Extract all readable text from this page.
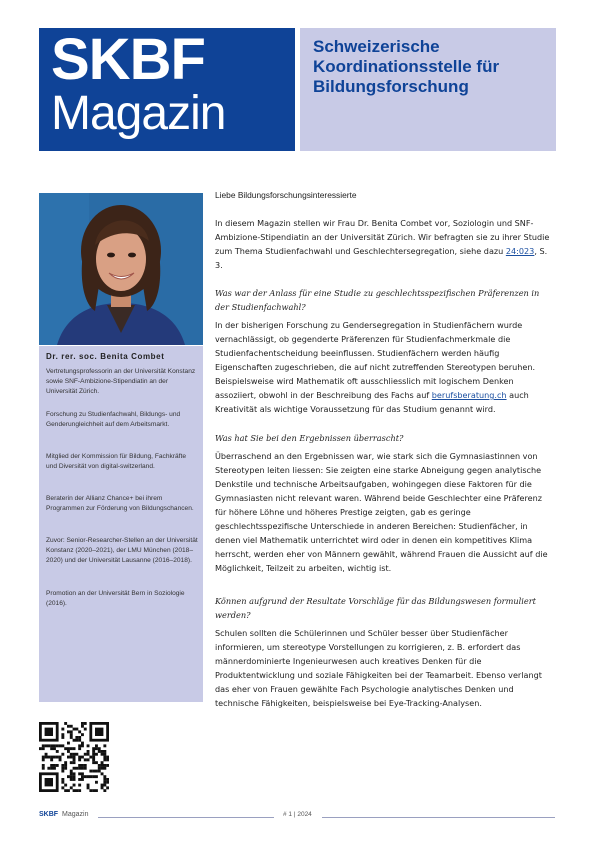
SKBF
Magazin
Schweizerische Koordinationsstelle für Bildungsforschung
Dr. rer. soc. Benita Combet

Vertretungsprofessorin an der Universität Konstanz sowie SNF-Ambizione-Stipendiatin an der Universität Zürich.

Forschung zu Studienfachwahl, Bildungs- und Genderungleichheit auf dem Arbeitsmarkt.

Mitglied der Kommission für Bildung, Fachkräfte und Diversität von digital-switzerland.

Beraterin der Allianz Chance+ bei ihrem Programmen zur Förderung von Bildungschancen.

Zuvor: Senior-Researcher-Stellen an der Universität Konstanz (2020–2021), der LMU München (2018–2020) und der Universität Lausanne (2016–2018).

Promotion an der Universität Bern in Soziologie (2016).

Liebe Bildungsforschungsinteressierte

In diesem Magazin stellen wir Frau Dr. Benita Combet vor, Soziologin und SNF-Ambizione-Stipendiatin an der Universität Zürich. Wir befragten sie zu ihrer Studie zum Thema Studienfachwahl und Geschlechtersegregation, siehe dazu 24:023, S. 3.

Was war der Anlass für eine Studie zu geschlechtsspezifischen Präferenzen in der Studienfachwahl?

In der bisherigen Forschung zu Gendersegregation in Studienfächern wurde vernachlässigt, ob gegenderte Präferenzen für Studienfachmerkmale die Studienfachentscheidung beeinflussen. Studienfächern werden häufig Eigenschaften zugeschrieben, die auf nicht zutreffenden Stereotypen beruhen. Beispielsweise wird Mathematik oft ausschliesslich mit logischem Denken assoziiert, obwohl in der Beschreibung des Fachs auf berufsberatung.ch auch Kreativität als wichtige Voraussetzung für das Studium genannt wird.

Was hat Sie bei den Ergebnissen überrascht?

Überraschend an den Ergebnissen war, wie stark sich die Gymnasiastinnen von Stereotypen leiten liessen: Sie zeigten eine starke Abneigung gegen analytische Denkstile und technische Arbeitsaufgaben, wohingegen diese Faktoren für die Gymnasiasten nicht relevant waren. Während beide Geschlechter eine Präferenz für höhere Löhne und höheres Prestige zeigten, gab es geringe geschlechtsspezifische Unterschiede in anderen Bereichen: Studienfächer, in denen viel Mathematik unterrichtet wird oder in denen ein kompetitives Klima herrscht, werden eher von Männern gewählt, während Frauen die Aussicht auf die Möglichkeit, Teilzeit zu arbeiten, wichtig ist.

Können aufgrund der Resultate Vorschläge für das Bildungswesen formuliert werden?

Schulen sollten die Schülerinnen und Schüler besser über Studienfächer informieren, um stereotype Vorstellungen zu korrigieren, z. B. erfordert das männerdominierte Ingenieurwesen auch kreatives Denken für die Produktentwicklung und soziale Fähigkeiten bei der Teamarbeit. Ebenso verlangt das eher von Frauen gewählte Fach Psychologie analytisches Denken und technische Fähigkeiten, beispielsweise bei Eye-Tracking-Analysen.

SKBF Magazin	# 1 | 2024
